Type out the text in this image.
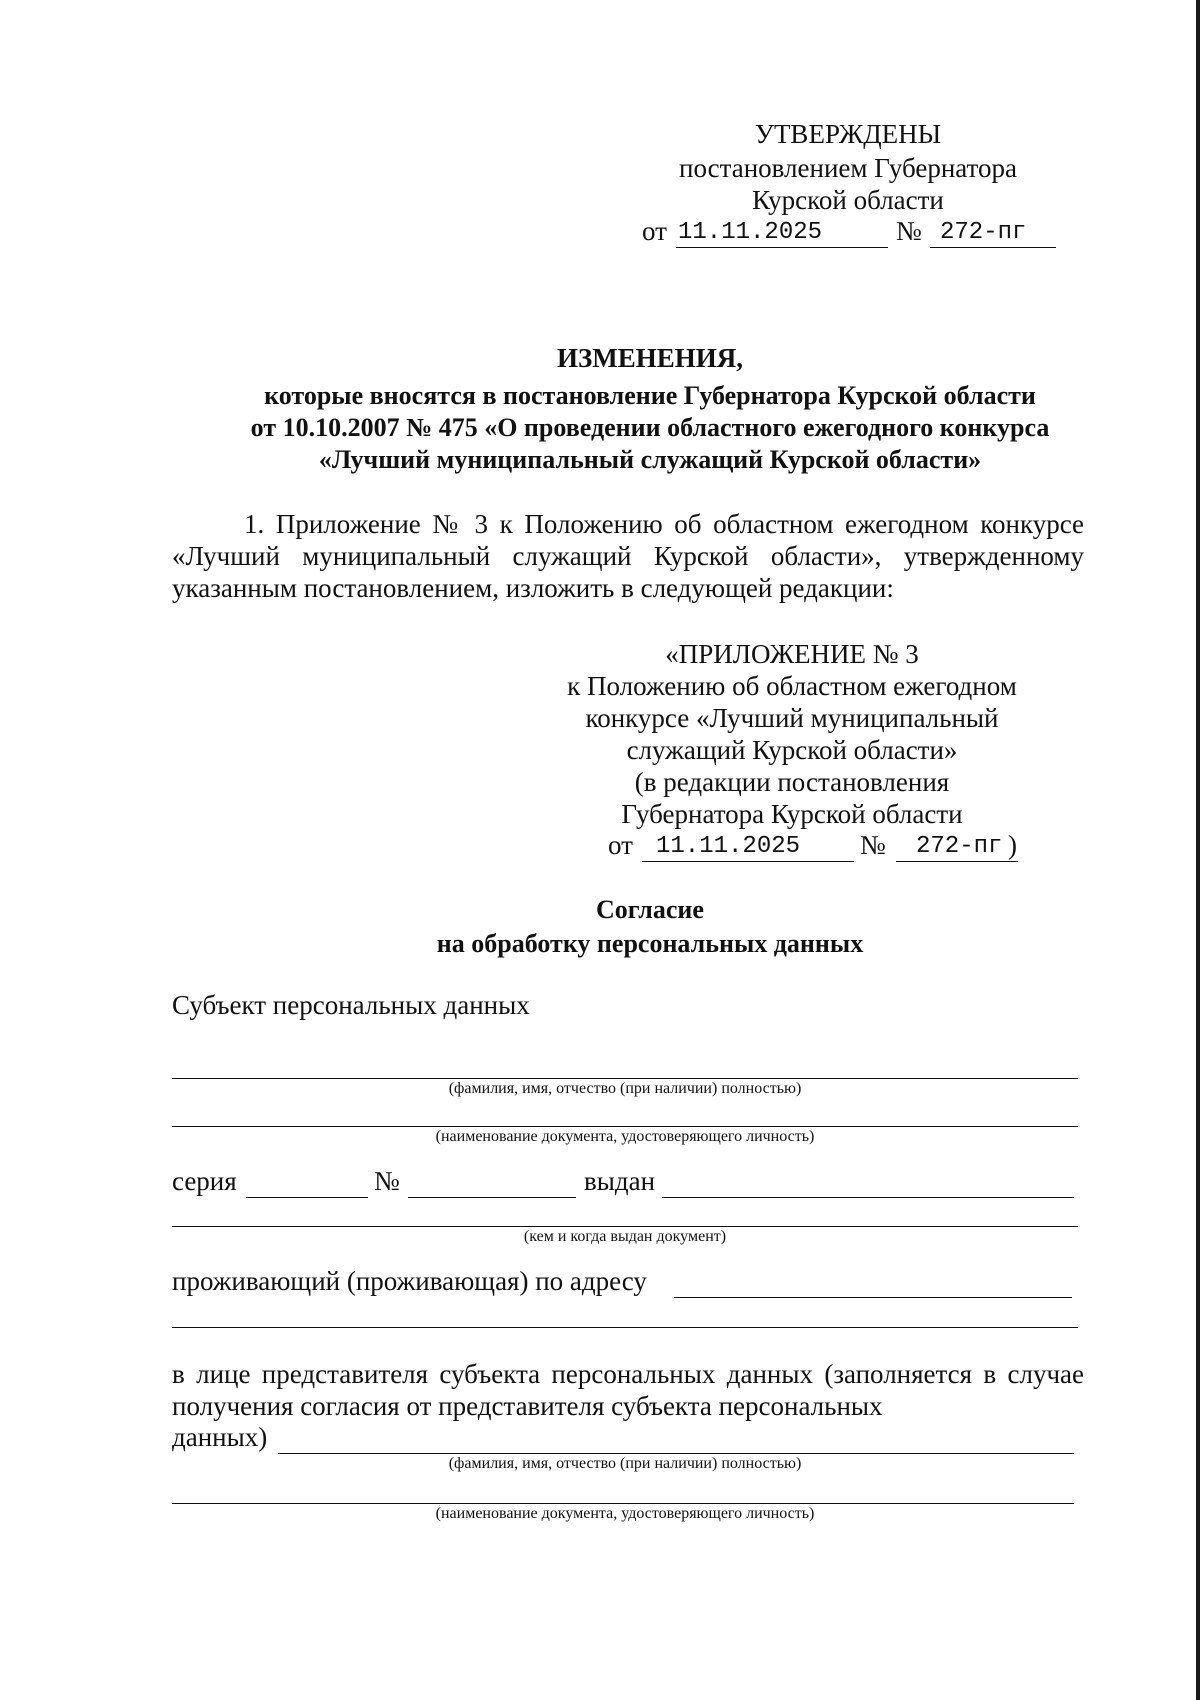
УТВЕРЖДЕНЫ
постановлением Губернатора
Курской области
от 11.11.2025	№ 272-пг
ИЗМЕНЕНИЯ,
которые вносятся в постановление Губернатора Курской области
от 10.10.2007 № 475 «О проведении областного ежегодного конкурса
«Лучший муниципальный служащий Курской области»
1. Приложение № 3 к Положению об областном ежегодном конкурсе «Лучший муниципальный служащий Курской области», утвержденному указанным постановлением, изложить в следующей редакции:
«ПРИЛОЖЕНИЕ № 3
к Положению об областном ежегодном
конкурсе «Лучший муниципальный
служащий Курской области»
(в редакции постановления
Губернатора Курской области
от 11.11.2025 № 272-пг )
Согласие
на обработку персональных данных
Субъект персональных данных
(фамилия, имя, отчество (при наличии) полностью)
(наименование документа, удостоверяющего личность)
серия	№	выдан
(кем и когда выдан документ)
проживающий (проживающая) по адресу
в лице представителя субъекта персональных данных (заполняется в случае получения согласия от представителя субъекта персональных
данных)
(фамилия, имя, отчество (при наличии) полностью)
(наименование документа, удостоверяющего личность)
